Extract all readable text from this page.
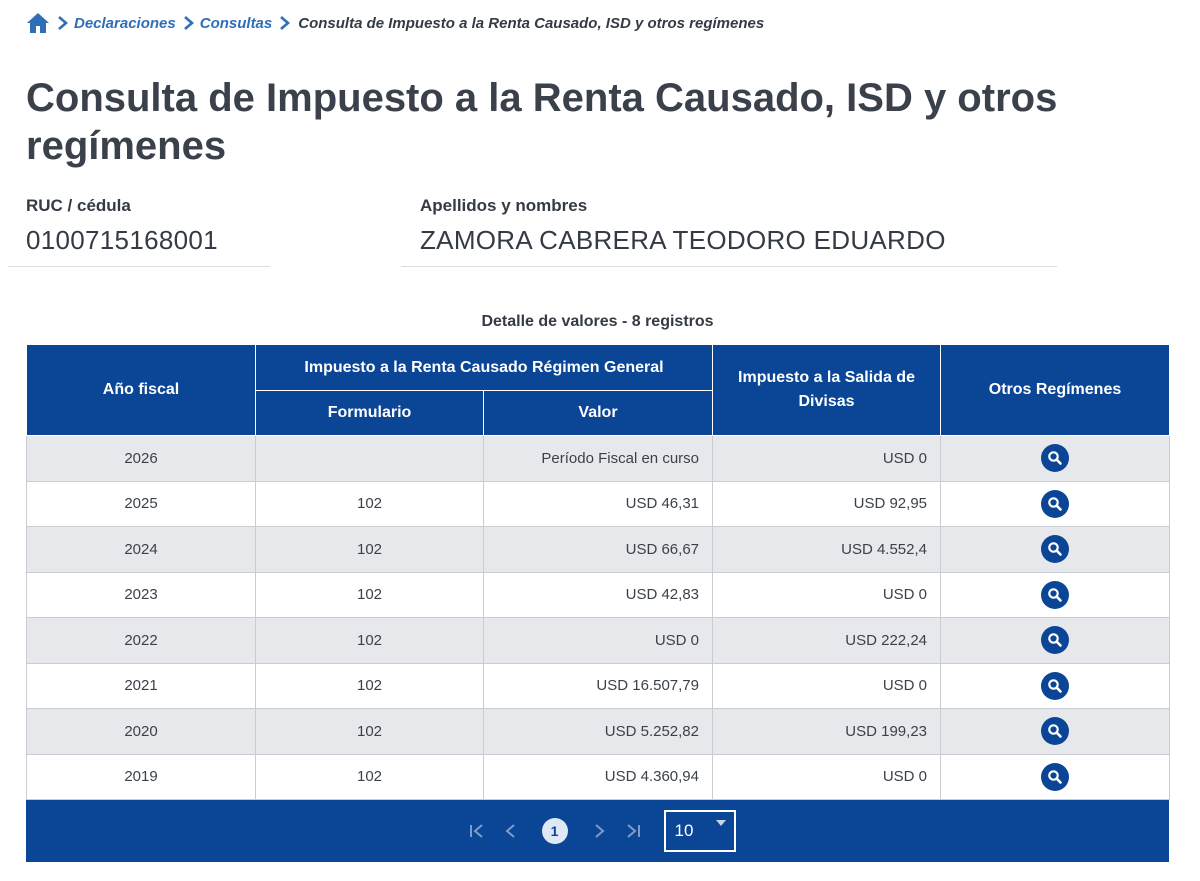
Declaraciones Consultas Consulta de Impuesto a la Renta Causado, ISD y otros regímenes
Consulta de Impuesto a la Renta Causado, ISD y otros regímenes
RUC / cédula
0100715168001
Apellidos y nombres
ZAMORA CABRERA TEODORO EDUARDO
Detalle de valores - 8 registros
Año fiscal	Impuesto a la Renta Causado Régimen General		Impuesto a la Salida de Divisas	Otros Regímenes
	Formulario	Valor		
2026		Período Fiscal en curso	USD 0	

2025	102	USD 46,31	USD 92,95	

2024	102	USD 66,67	USD 4.552,4	

2023	102	USD 42,83	USD 0	

2022	102	USD 0	USD 222,24	

2021	102	USD 16.507,79	USD 0	

2020	102	USD 5.252,82	USD 199,23	

2019	102	USD 4.360,94	USD 0	
1	10
